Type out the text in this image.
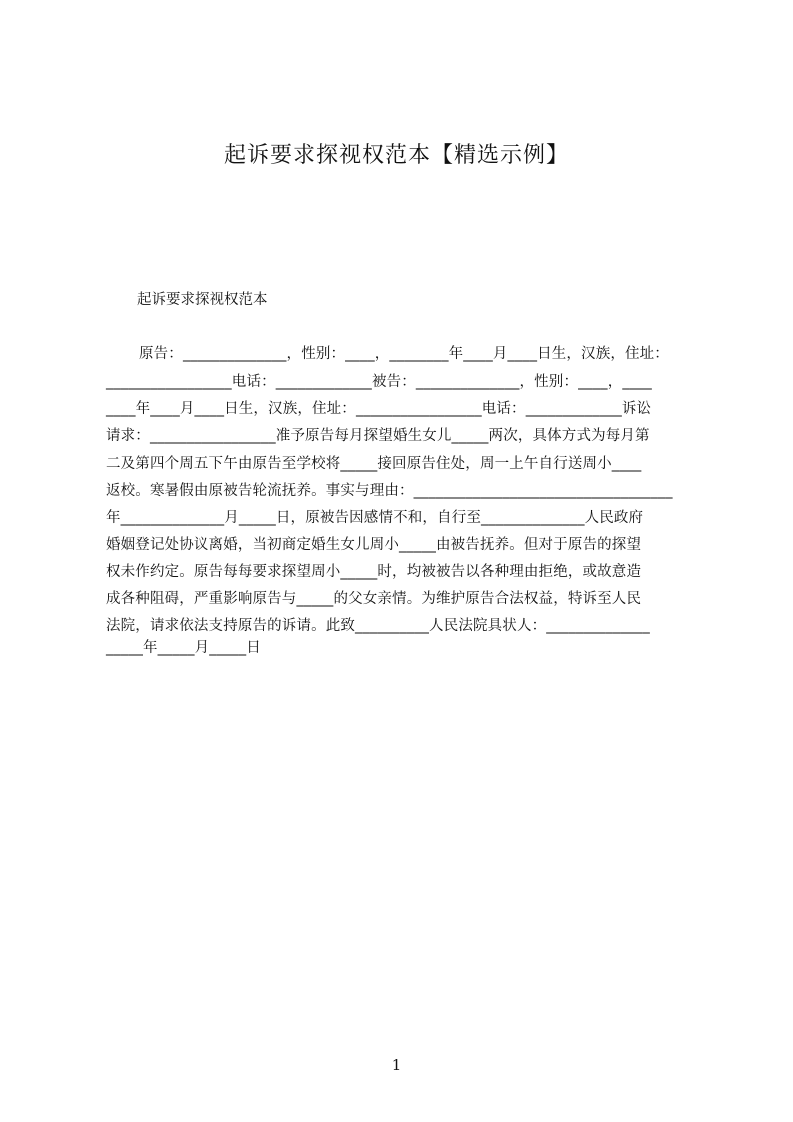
起诉要求探视权范本【精选示例】

起诉要求探视权范本

原告：______________，性别：____，________年____月____日生，汉族，住址：
_________________电话：_____________被告：______________，性别：____，____
____年____月____日生，汉族，住址：_________________电话：_____________诉讼
请求：_________________准予原告每月探望婚生女儿_____两次，具体方式为每月第
二及第四个周五下午由原告至学校将_____接回原告住处，周一上午自行送周小____
返校。寒暑假由原被告轮流抚养。事实与理由：___________________________________
年______________月_____日，原被告因感情不和，自行至______________人民政府
婚姻登记处协议离婚，当初商定婚生女儿周小_____由被告抚养。但对于原告的探望
权未作约定。原告每每要求探望周小_____时，均被被告以各种理由拒绝，或故意造
成各种阻碍，严重影响原告与_____的父女亲情。为维护原告合法权益，特诉至人民
法院，请求依法支持原告的诉请。此致__________人民法院具状人：______________
_____年_____月_____日
1
